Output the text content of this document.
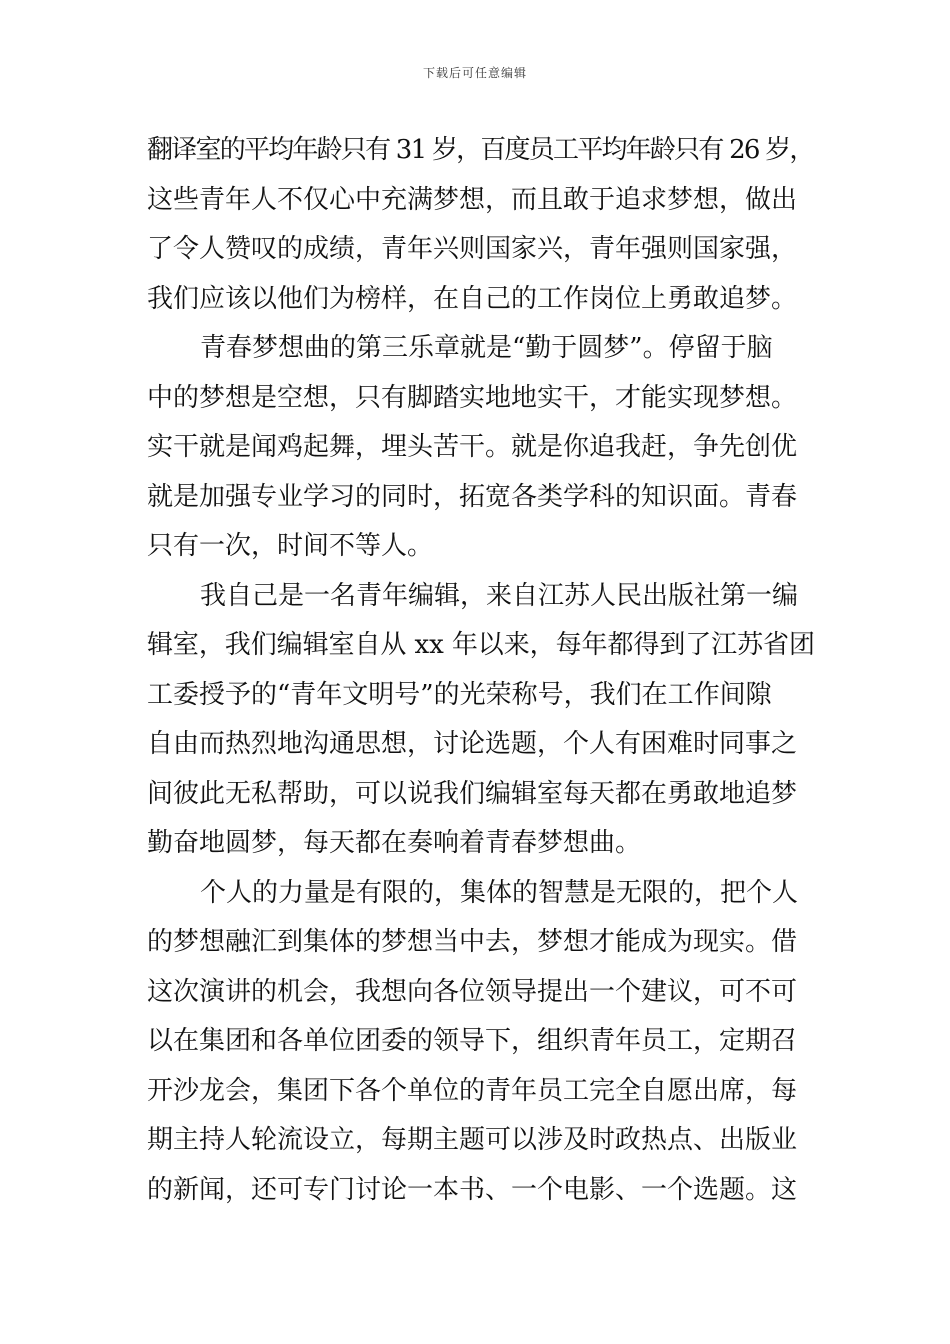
下载后可任意编辑
翻译室的平均年龄只有 31 岁，百度员工平均年龄只有 26 岁，
这些青年人不仅心中充满梦想，而且敢于追求梦想，做出
了令人赞叹的成绩，青年兴则国家兴，青年强则国家强，
我们应该以他们为榜样，在自己的工作岗位上勇敢追梦。
青春梦想曲的第三乐章就是“勤于圆梦”。停留于脑
中的梦想是空想，只有脚踏实地地实干，才能实现梦想。
实干就是闻鸡起舞，埋头苦干。就是你追我赶，争先创优
就是加强专业学习的同时，拓宽各类学科的知识面。青春
只有一次，时间不等人。
我自己是一名青年编辑，来自江苏人民出版社第一编
辑室，我们编辑室自从 xx 年以来，每年都得到了江苏省团
工委授予的“青年文明号”的光荣称号，我们在工作间隙
自由而热烈地沟通思想，讨论选题，个人有困难时同事之
间彼此无私帮助，可以说我们编辑室每天都在勇敢地追梦
勤奋地圆梦，每天都在奏响着青春梦想曲。
个人的力量是有限的，集体的智慧是无限的，把个人
的梦想融汇到集体的梦想当中去，梦想才能成为现实。借
这次演讲的机会，我想向各位领导提出一个建议，可不可
以在集团和各单位团委的领导下，组织青年员工，定期召
开沙龙会，集团下各个单位的青年员工完全自愿出席，每
期主持人轮流设立，每期主题可以涉及时政热点、出版业
的新闻，还可专门讨论一本书、一个电影、一个选题。这
